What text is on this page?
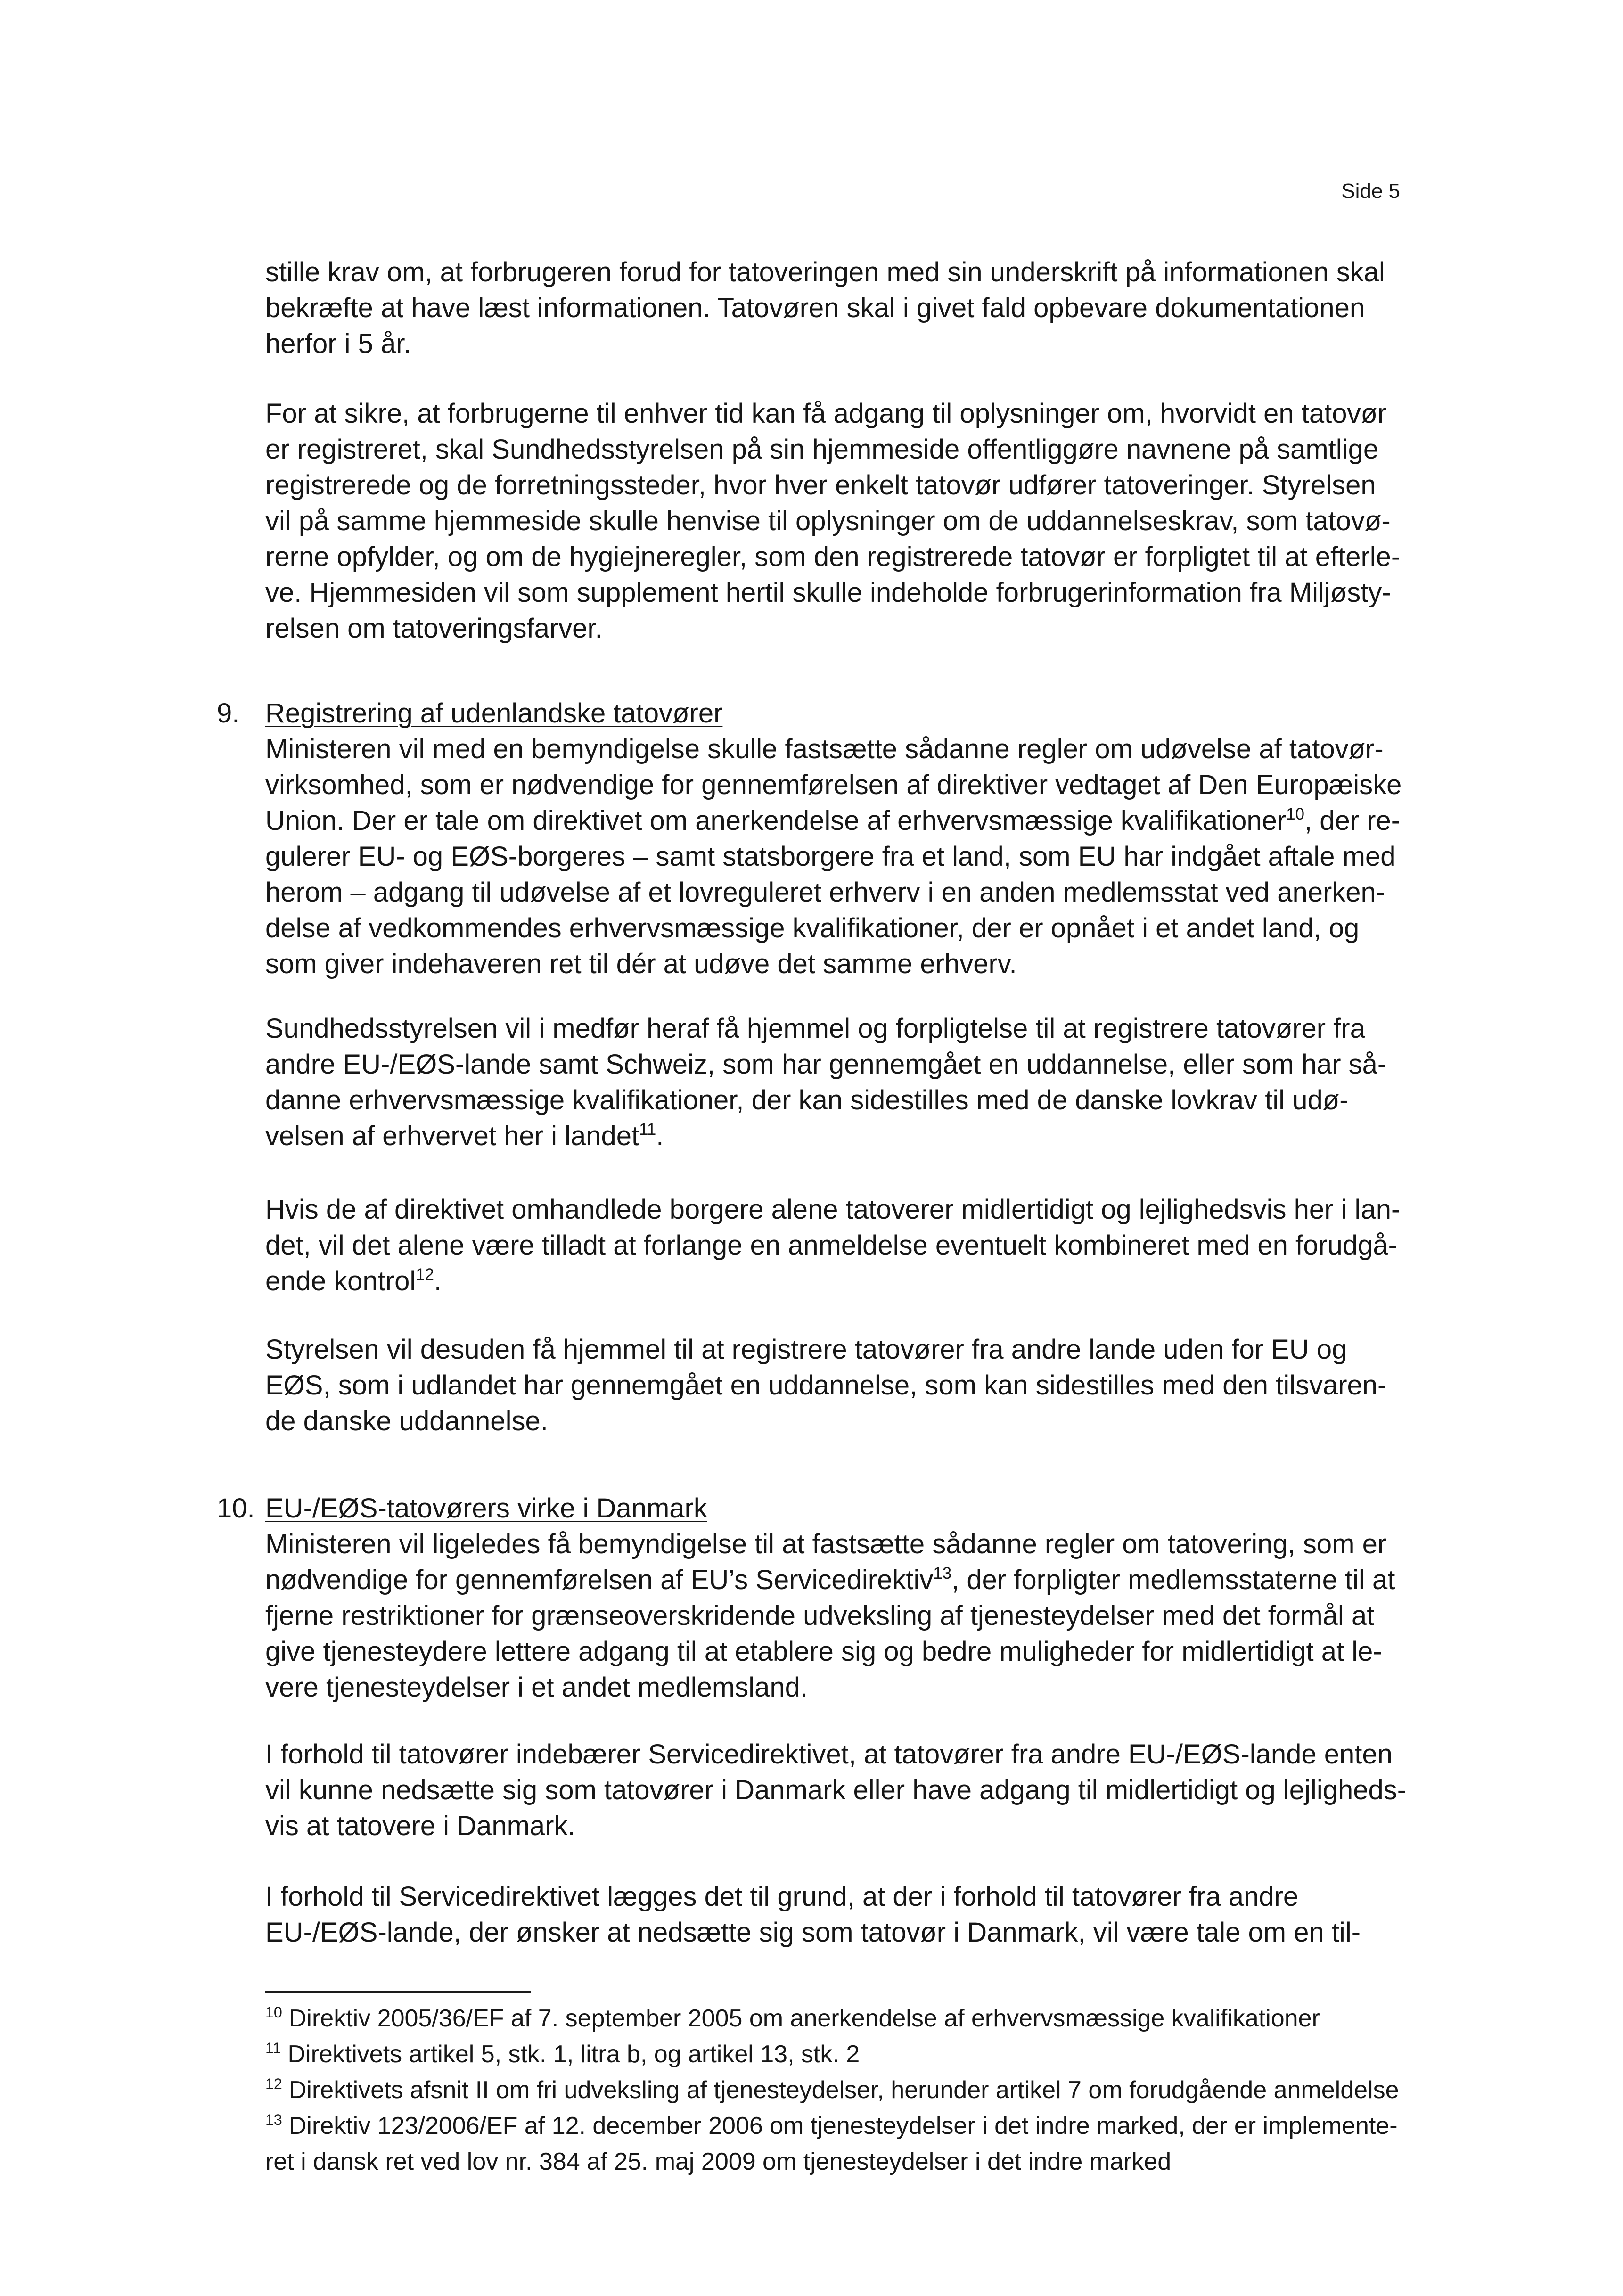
Side 5
stille krav om, at forbrugeren forud for tatoveringen med sin underskrift på informationen skal
bekræfte at have læst informationen. Tatovøren skal i givet fald opbevare dokumentationen
herfor i 5 år.
For at sikre, at forbrugerne til enhver tid kan få adgang til oplysninger om, hvorvidt en tatovør
er registreret, skal Sundhedsstyrelsen på sin hjemmeside offentliggøre navnene på samtlige
registrerede og de forretningssteder, hvor hver enkelt tatovør udfører tatoveringer. Styrelsen
vil på samme hjemmeside skulle henvise til oplysninger om de uddannelseskrav, som tatovø-
rerne opfylder, og om de hygiejneregler, som den registrerede tatovør er forpligtet til at efterle-
ve. Hjemmesiden vil som supplement hertil skulle indeholde forbrugerinformation fra Miljøsty-
relsen om tatoveringsfarver.
9. Registrering af udenlandske tatovører
Ministeren vil med en bemyndigelse skulle fastsætte sådanne regler om udøvelse af tatovør-
virksomhed, som er nødvendige for gennemførelsen af direktiver vedtaget af Den Europæiske
Union. Der er tale om direktivet om anerkendelse af erhvervsmæssige kvalifikationer$^{10}$, der re-
gulerer EU- og EØS-borgeres – samt statsborgere fra et land, som EU har indgået aftale med
herom – adgang til udøvelse af et lovreguleret erhverv i en anden medlemsstat ved anerken-
delse af vedkommendes erhvervsmæssige kvalifikationer, der er opnået i et andet land, og
som giver indehaveren ret til dér at udøve det samme erhverv.
Sundhedsstyrelsen vil i medfør heraf få hjemmel og forpligtelse til at registrere tatovører fra
andre EU-/EØS-lande samt Schweiz, som har gennemgået en uddannelse, eller som har så-
danne erhvervsmæssige kvalifikationer, der kan sidestilles med de danske lovkrav til udø-
velsen af erhvervet her i landet$^{11}$.
Hvis de af direktivet omhandlede borgere alene tatoverer midlertidigt og lejlighedsvis her i lan-
det, vil det alene være tilladt at forlange en anmeldelse eventuelt kombineret med en forudgå-
ende kontrol$^{12}$.
Styrelsen vil desuden få hjemmel til at registrere tatovører fra andre lande uden for EU og
EØS, som i udlandet har gennemgået en uddannelse, som kan sidestilles med den tilsvaren-
de danske uddannelse.
10. EU-/EØS-tatovørers virke i Danmark
Ministeren vil ligeledes få bemyndigelse til at fastsætte sådanne regler om tatovering, som er
nødvendige for gennemførelsen af EU’s Servicedirektiv$^{13}$, der forpligter medlemsstaterne til at
fjerne restriktioner for grænseoverskridende udveksling af tjenesteydelser med det formål at
give tjenesteydere lettere adgang til at etablere sig og bedre muligheder for midlertidigt at le-
vere tjenesteydelser i et andet medlemsland.
I forhold til tatovører indebærer Servicedirektivet, at tatovører fra andre EU-/EØS-lande enten
vil kunne nedsætte sig som tatovører i Danmark eller have adgang til midlertidigt og lejligheds-
vis at tatovere i Danmark.
I forhold til Servicedirektivet lægges det til grund, at der i forhold til tatovører fra andre
EU-/EØS-lande, der ønsker at nedsætte sig som tatovør i Danmark, vil være tale om en til-
$^{10}$ Direktiv 2005/36/EF af 7. september 2005 om anerkendelse af erhvervsmæssige kvalifikationer
$^{11}$ Direktivets artikel 5, stk. 1, litra b, og artikel 13, stk. 2
$^{12}$ Direktivets afsnit II om fri udveksling af tjenesteydelser, herunder artikel 7 om forudgående anmeldelse
$^{13}$ Direktiv 123/2006/EF af 12. december 2006 om tjenesteydelser i det indre marked, der er implemente-
ret i dansk ret ved lov nr. 384 af 25. maj 2009 om tjenesteydelser i det indre marked
